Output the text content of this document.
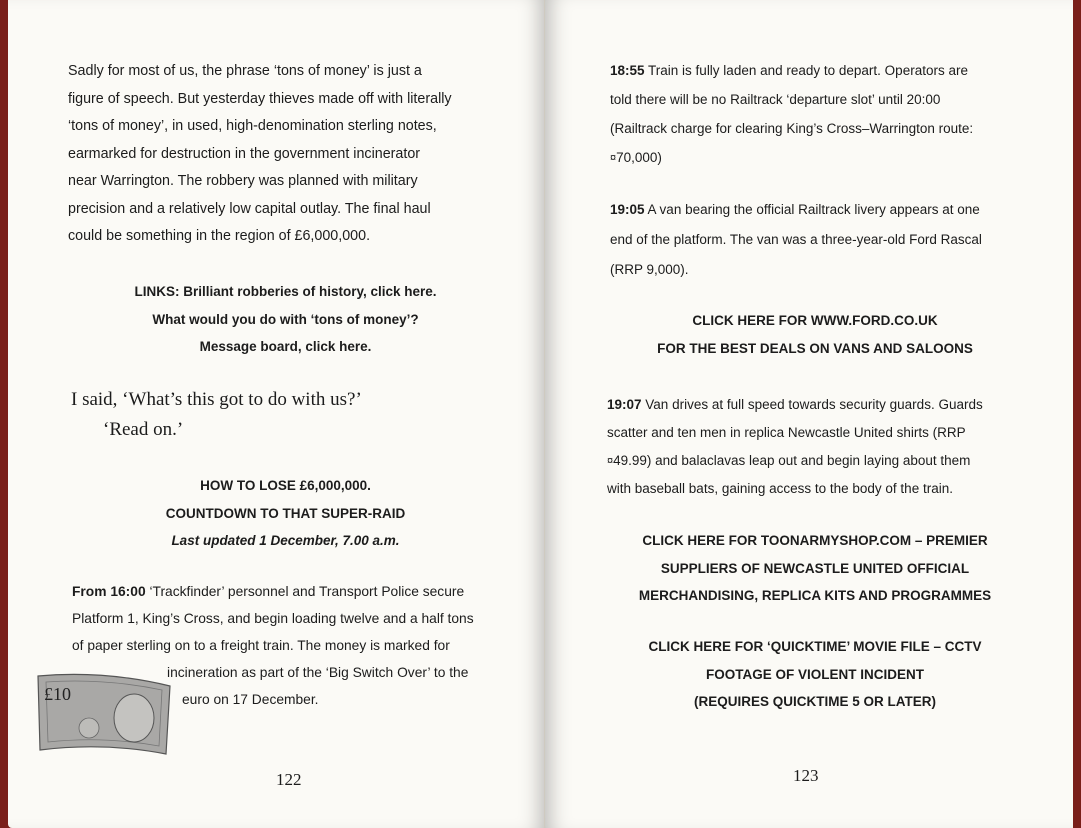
Sadly for most of us, the phrase ‘tons of money’ is just a
figure of speech. But yesterday thieves made off with literally
‘tons of money’, in used, high-denomination sterling notes,
earmarked for destruction in the government incinerator
near Warrington. The robbery was planned with military
precision and a relatively low capital outlay. The final haul
could be something in the region of £6,000,000.
LINKS: Brilliant robberies of history, click here.
What would you do with ‘tons of money’?
Message board, click here.
I said, ‘What’s this got to do with us?’
‘Read on.’
HOW TO LOSE £6,000,000.
COUNTDOWN TO THAT SUPER-RAID
Last updated 1 December, 7.00 a.m.
From 16:00 ‘Trackfinder’ personnel and Transport Police secure
Platform 1, King’s Cross, and begin loading twelve and a half tons
of paper sterling on to a freight train. The money is marked for
incineration as part of the ‘Big Switch Over’ to the
euro on 17 December.
£10
122
18:55 Train is fully laden and ready to depart. Operators are
told there will be no Railtrack ‘departure slot’ until 20:00
(Railtrack charge for clearing King’s Cross–Warrington route:
¤70,000)
19:05 A van bearing the official Railtrack livery appears at one
end of the platform. The van was a three-year-old Ford Rascal
(RRP 9,000).
CLICK HERE FOR WWW.FORD.CO.UK
FOR THE BEST DEALS ON VANS AND SALOONS
19:07 Van drives at full speed towards security guards. Guards
scatter and ten men in replica Newcastle United shirts (RRP
¤49.99) and balaclavas leap out and begin laying about them
with baseball bats, gaining access to the body of the train.
CLICK HERE FOR TOONARMYSHOP.COM – PREMIER
SUPPLIERS OF NEWCASTLE UNITED OFFICIAL
MERCHANDISING, REPLICA KITS AND PROGRAMMES
CLICK HERE FOR ‘QUICKTIME’ MOVIE FILE – CCTV
FOOTAGE OF VIOLENT INCIDENT
(REQUIRES QUICKTIME 5 OR LATER)
123
